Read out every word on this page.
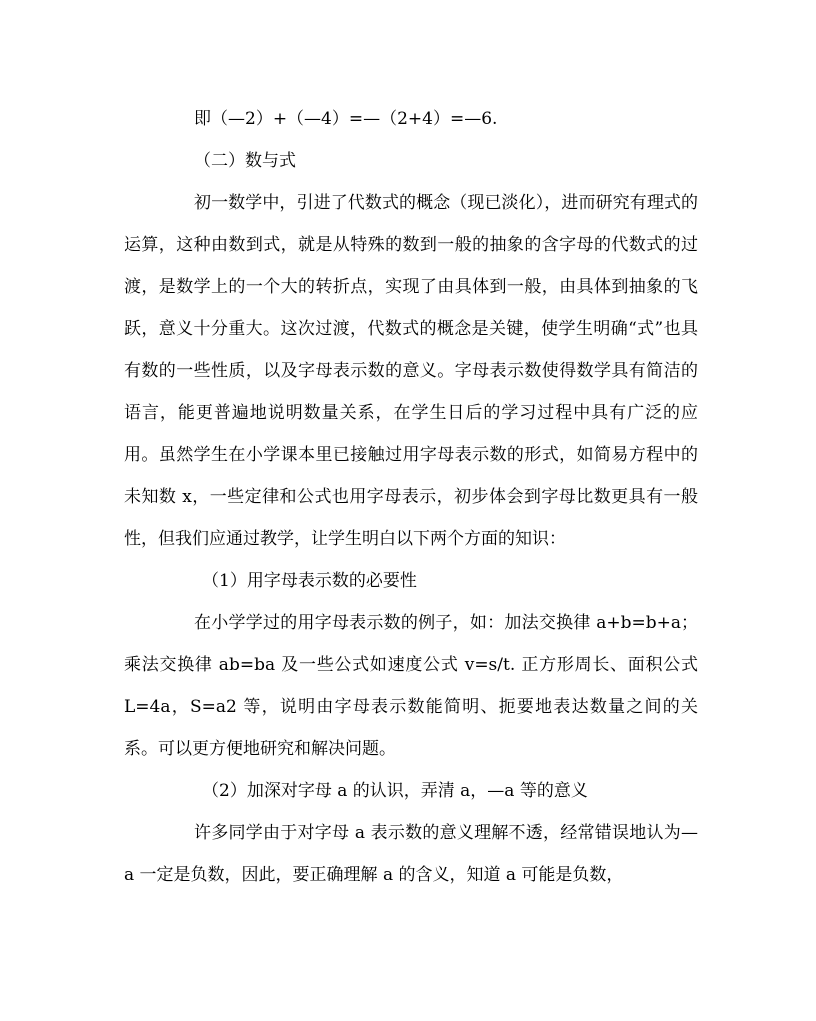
即（—2）+（—4）=—（2+4）=—6.

（二）数与式

初一数学中，引进了代数式的概念（现已淡化），进而研究有理式的运算，这种由数到式，就是从特殊的数到一般的抽象的含字母的代数式的过渡，是数学上的一个大的转折点，实现了由具体到一般，由具体到抽象的飞跃，意义十分重大。这次过渡，代数式的概念是关键，使学生明确“式”也具有数的一些性质，以及字母表示数的意义。字母表示数使得数学具有简洁的语言，能更普遍地说明数量关系，在学生日后的学习过程中具有广泛的应用。虽然学生在小学课本里已接触过用字母表示数的形式，如简易方程中的未知数 x，一些定律和公式也用字母表示，初步体会到字母比数更具有一般性，但我们应通过教学，让学生明白以下两个方面的知识：

（1）用字母表示数的必要性

在小学学过的用字母表示数的例子，如：加法交换律 a+b=b+a；乘法交换律 ab=ba 及一些公式如速度公式 v=s/t. 正方形周长、面积公式 L=4a，S=a2 等，说明由字母表示数能简明、扼要地表达数量之间的关系。可以更方便地研究和解决问题。

（2）加深对字母 a 的认识，弄清 a，—a 等的意义

许多同学由于对字母 a 表示数的意义理解不透，经常错误地认为—a 一定是负数，因此，要正确理解 a 的含义，知道 a 可能是负数，
